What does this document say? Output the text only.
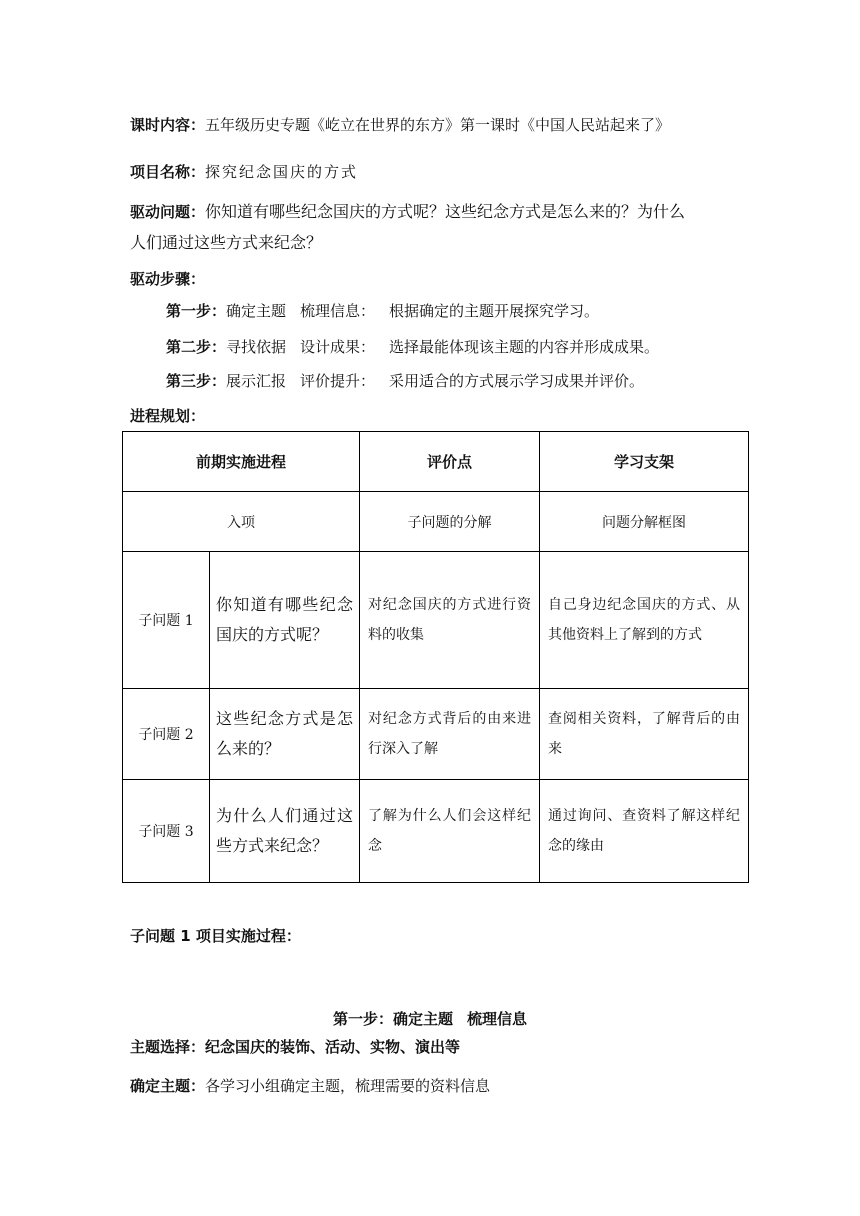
课时内容：五年级历史专题《屹立在世界的东方》第一课时《中国人民站起来了》
项目名称：探究纪念国庆的方式
驱动问题：你知道有哪些纪念国庆的方式呢？这些纪念方式是怎么来的？为什么
人们通过这些方式来纪念？
驱动步骤：
第一步：确定主题 梳理信息： 根据确定的主题开展探究学习。
第二步：寻找依据 设计成果： 选择最能体现该主题的内容并形成成果。
第三步：展示汇报 评价提升： 采用适合的方式展示学习成果并评价。
进程规划：
前期实施进程		评价点	学习支架
入项		子问题的分解	问题分解框图
子问题 1	你知道有哪些纪念国庆的方式呢？	对纪念国庆的方式进行资料的收集	自己身边纪念国庆的方式、从其他资料上了解到的方式
子问题 2	这些纪念方式是怎么来的？	对纪念方式背后的由来进行深入了解	查阅相关资料，了解背后的由来
子问题 3	为什么人们通过这些方式来纪念？	了解为什么人们会这样纪念	通过询问、查资料了解这样纪念的缘由
子问题 1 项目实施过程：
第一步：确定主题 梳理信息
主题选择：纪念国庆的装饰、活动、实物、演出等
确定主题：各学习小组确定主题，梳理需要的资料信息
